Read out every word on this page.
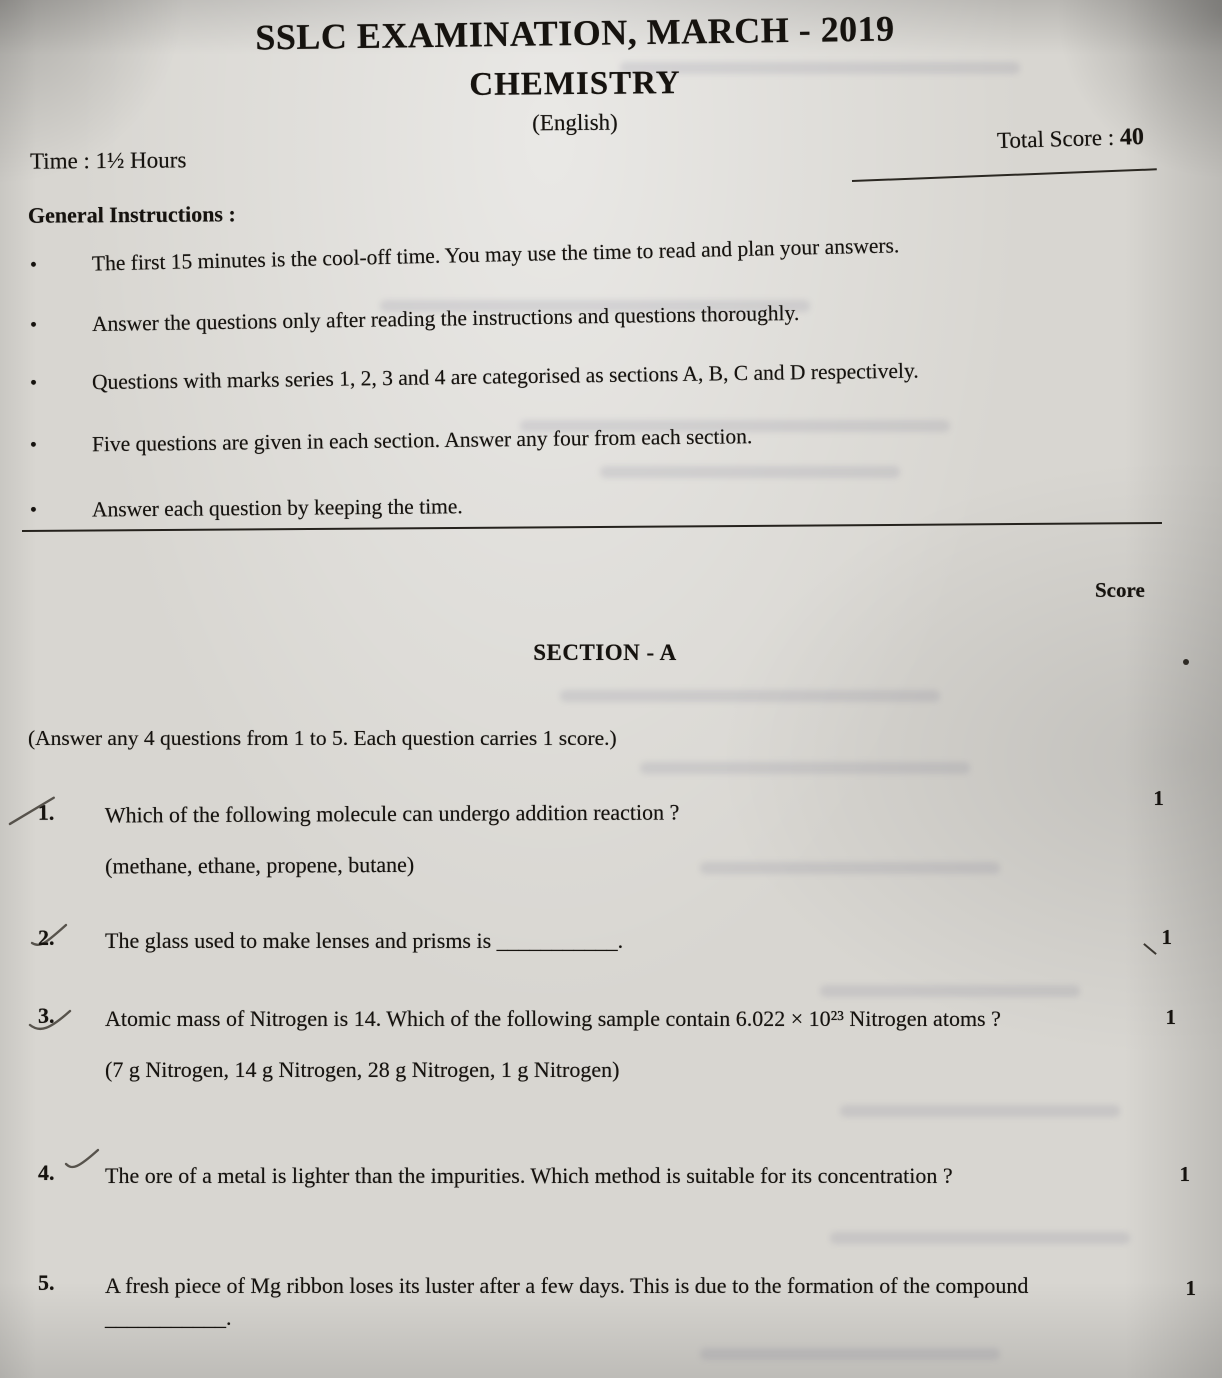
SSLC EXAMINATION, MARCH - 2019
CHEMISTRY
(English)
Total Score : 40
Time : 1½ Hours
General Instructions :
•	The first 15 minutes is the cool-off time. You may use the time to read and plan your answers.
•	Answer the questions only after reading the instructions and questions thoroughly.
•	Questions with marks series 1, 2, 3 and 4 are categorised as sections A, B, C and D respectively.
•	Five questions are given in each section. Answer any four from each section.
•	Answer each question by keeping the time.
Score
SECTION - A
(Answer any 4 questions from 1 to 5. Each question carries 1 score.)
1. Which of the following molecule can undergo addition reaction ?
(methane, ethane, propene, butane)
1
2. The glass used to make lenses and prisms is ___________.	1
3. Atomic mass of Nitrogen is 14. Which of the following sample contain 6.022 × 10²³ Nitrogen atoms ?
(7 g Nitrogen, 14 g Nitrogen, 28 g Nitrogen, 1 g Nitrogen)
1
4. The ore of a metal is lighter than the impurities. Which method is suitable for its concentration ?	1
5. A fresh piece of Mg ribbon loses its luster after a few days. This is due to the formation of the compound ___________.
1
